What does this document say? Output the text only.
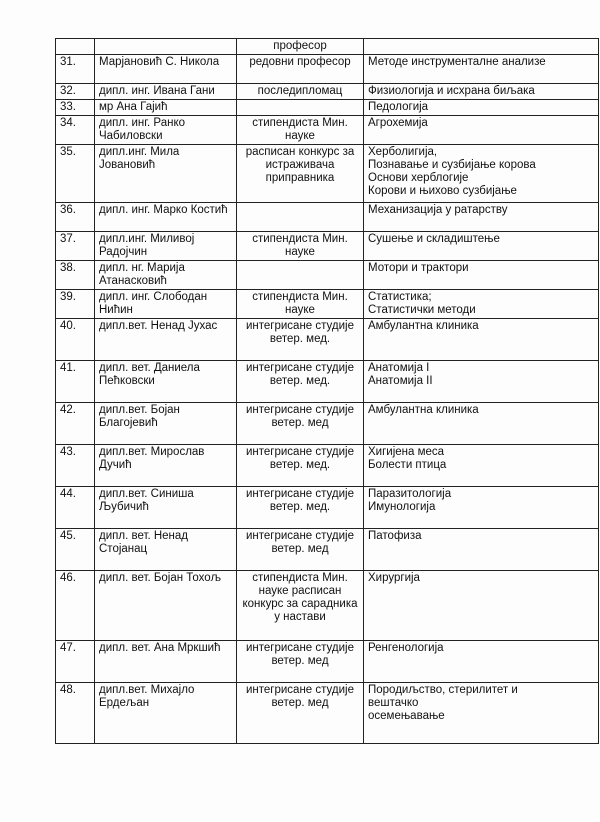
		професор	

31.	Марјановић С. Никола	редовни професор	Методе инструменталне анализе

32.	дипл. инг. Ивана Гани	последипломац	Физиологија и исхрана биљака

33.	мр Ана Гајић		Педологија

34.	дипл. инг. Ранко Чабиловски	стипендиста Мин. науке	Агрохемија

35.	дипл.инг. Мила Јовановић	расписан конкурс за истраживача приправника	Херболигија,
Познавање и сузбијање корова
Основи херблогије
Корови и њихово сузбијање

36.	дипл. инг. Марко Костић		Механизација у ратарству

37.	дипл.инг. Миливој Радојчин	стипендиста Мин. науке	Сушење и складиштење

38.	дипл. нг. Марија Атанасковић		Мотори и трактори

39.	дипл. инг. Слободан Нићин	стипендиста Мин. науке	Статистика;
Статистички методи

40.	дипл.вет. Ненад Јухас	интегрисане студије ветер. мед.	Амбулантна клиника

41.	дипл. вет. Даниела Пећковски	интегрисане студије ветер. мед.	Анатомија I
Анатомија II

42.	дипл.вет. Бојан Благојевић	интегрисане студије ветер. мед	Амбулантна клиника

43.	дипл.вет. Мирослав Дучић	интегрисане студије ветер. мед.	Хигијена меса
Болести птица

44.	дипл.вет. Синиша Љубичић	интегрисане студије ветер. мед.	Паразитологија
Имунологија

45.	дипл. вет. Ненад Стојанац	интегрисане студије ветер. мед	Патофиза

46.	дипл. вет. Бојан Тохољ	стипендиста Мин. науке расписан конкурс за сарадника у настави	Хирургија

47.	дипл. вет. Ана Мркшић	интегрисане студије ветер. мед	Ренгенологија

48.	дипл.вет. Михајло Ердељан	интегрисане студије ветер. мед	Породиљство, стерилитет и
вештачко
осемењавање
